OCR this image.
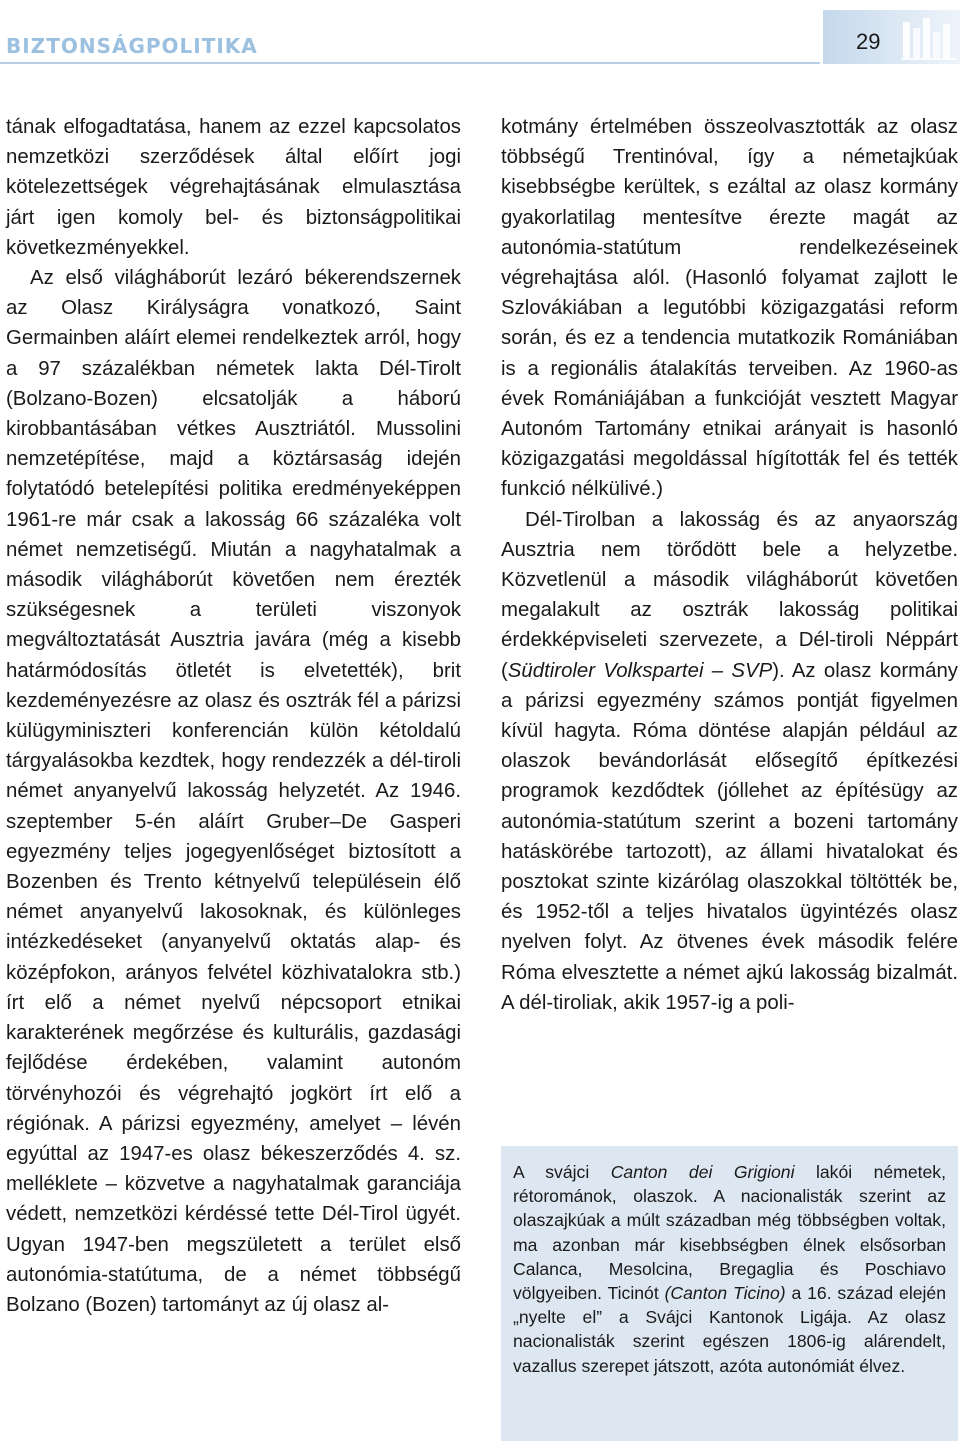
BIZTONSÁGPOLITIKA	29

tának elfogadtatása, hanem az ezzel kapcsolatos nemzetközi szerződések által előírt jogi kötelezettségek végrehajtásának elmulasztása járt igen komoly bel- és biztonságpolitikai következményekkel.

Az első világháborút lezáró békerendszernek az Olasz Királyságra vonatkozó, Saint Germainben aláírt elemei rendelkeztek arról, hogy a 97 százalékban németek lakta Dél-Tirolt (Bolzano-Bozen) elcsatolják a háború kirobbantásában vétkes Ausztriától. Mussolini nemzetépítése, majd a köztársaság idején folytatódó betelepítési politika eredményeképpen 1961-re már csak a lakosság 66 százaléka volt német nemzetiségű. Miután a nagyhatalmak a második világháborút követően nem érezték szükségesnek a területi viszonyok megváltoztatását Ausztria javára (még a kisebb határmódosítás ötletét is elvetették), brit kezdeményezésre az olasz és osztrák fél a párizsi külügyminiszteri konferencián külön kétoldalú tárgyalásokba kezdtek, hogy rendezzék a dél-tiroli német anyanyelvű lakosság helyzetét. Az 1946. szeptember 5-én aláírt Gruber–De Gasperi egyezmény teljes jogegyenlőséget biztosított a Bozenben és Trento kétnyelvű településein élő német anyanyelvű lakosoknak, és különleges intézkedéseket (anyanyelvű oktatás alap- és középfokon, arányos felvétel közhivatalokra stb.) írt elő a német nyelvű népcsoport etnikai karakterének megőrzése és kulturális, gazdasági fejlődése érdekében, valamint autonóm törvényhozói és végrehajtó jogkört írt elő a régiónak. A párizsi egyezmény, amelyet – lévén egyúttal az 1947-es olasz békeszerződés 4. sz. melléklete – közvetve a nagyhatalmak garanciája védett, nemzetközi kérdéssé tette Dél-Tirol ügyét. Ugyan 1947-ben megszületett a terület első autonómia-statútuma, de a német többségű Bolzano (Bozen) tartományt az új olasz al-

kotmány értelmében összeolvasztották az olasz többségű Trentinóval, így a németajkúak kisebbségbe kerültek, s ezáltal az olasz kormány gyakorlatilag mentesítve érezte magát az autonómia-statútum rendelkezéseinek végrehajtása alól. (Hasonló folyamat zajlott le Szlovákiában a legutóbbi közigazgatási reform során, és ez a tendencia mutatkozik Romániában is a regionális átalakítás terveiben. Az 1960-as évek Romániájában a funkcióját vesztett Magyar Autonóm Tartomány etnikai arányait is hasonló közigazgatási megoldással hígították fel és tették funkció nélkülivé.)

Dél-Tirolban a lakosság és az anyaország Ausztria nem törődött bele a helyzetbe. Közvetlenül a második világháborút követően megalakult az osztrák lakosság politikai érdekképviseleti szervezete, a Dél-tiroli Néppárt (Südtiroler Volkspartei – SVP). Az olasz kormány a párizsi egyezmény számos pontját figyelmen kívül hagyta. Róma döntése alapján például az olaszok bevándorlását elősegítő építkezési programok kezdődtek (jóllehet az építésügy az autonómia-statútum szerint a bozeni tartomány hatáskörébe tartozott), az állami hivatalokat és posztokat szinte kizárólag olaszokkal töltötték be, és 1952-től a teljes hivatalos ügyintézés olasz nyelven folyt. Az ötvenes évek második felére Róma elvesztette a német ajkú lakosság bizalmát. A dél-tiroliak, akik 1957-ig a poli-

A svájci Canton dei Grigioni lakói németek, rétorománok, olaszok. A nacionalisták szerint az olaszajkúak a múlt században még többségben voltak, ma azonban már kisebbségben élnek elsősorban Calanca, Mesolcina, Bregaglia és Poschiavo völgyeiben. Ticinót (Canton Ticino) a 16. század elején „nyelte el” a Svájci Kantonok Ligája. Az olasz nacionalisták szerint egészen 1806-ig alárendelt, vazallus szerepet játszott, azóta autonómiát élvez.
